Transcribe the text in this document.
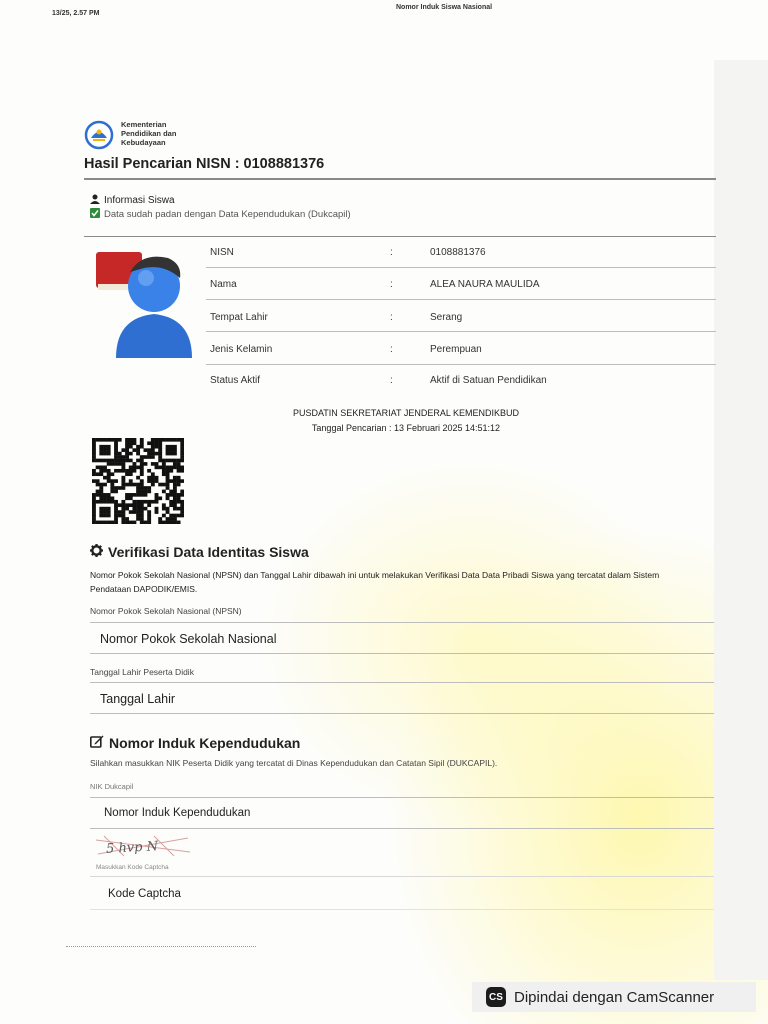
13/25, 2.57 PM
Nomor Induk Siswa Nasional
Kementerian
Pendidikan dan
Kebudayaan
Hasil Pencarian NISN : 0108881376
Informasi Siswa
Data sudah padan dengan Data Kependudukan (Dukcapil)
NISN	:	0108881376
Nama	:	ALEA NAURA MAULIDA
Tempat Lahir	:	Serang
Jenis Kelamin	:	Perempuan
Status Aktif	:	Aktif di Satuan Pendidikan
PUSDATIN SEKRETARIAT JENDERAL KEMENDIKBUD
Tanggal Pencarian : 13 Februari 2025 14:51:12
Verifikasi Data Identitas Siswa
Nomor Pokok Sekolah Nasional (NPSN) dan Tanggal Lahir dibawah ini untuk melakukan Verifikasi Data Data Pribadi Siswa yang tercatat dalam Sistem
Pendataan DAPODIK/EMIS.
Nomor Pokok Sekolah Nasional (NPSN)
Nomor Pokok Sekolah Nasional
Tanggal Lahir Peserta Didik
Tanggal Lahir
Nomor Induk Kependudukan
Silahkan masukkan NIK Peserta Didik yang tercatat di Dinas Kependudukan dan Catatan Sipil (DUKCAPIL).
NIK Dukcapil
Nomor Induk Kependudukan
5 hvp N
Masukkan Kode Captcha
Kode Captcha
CS Dipindai dengan CamScanner
